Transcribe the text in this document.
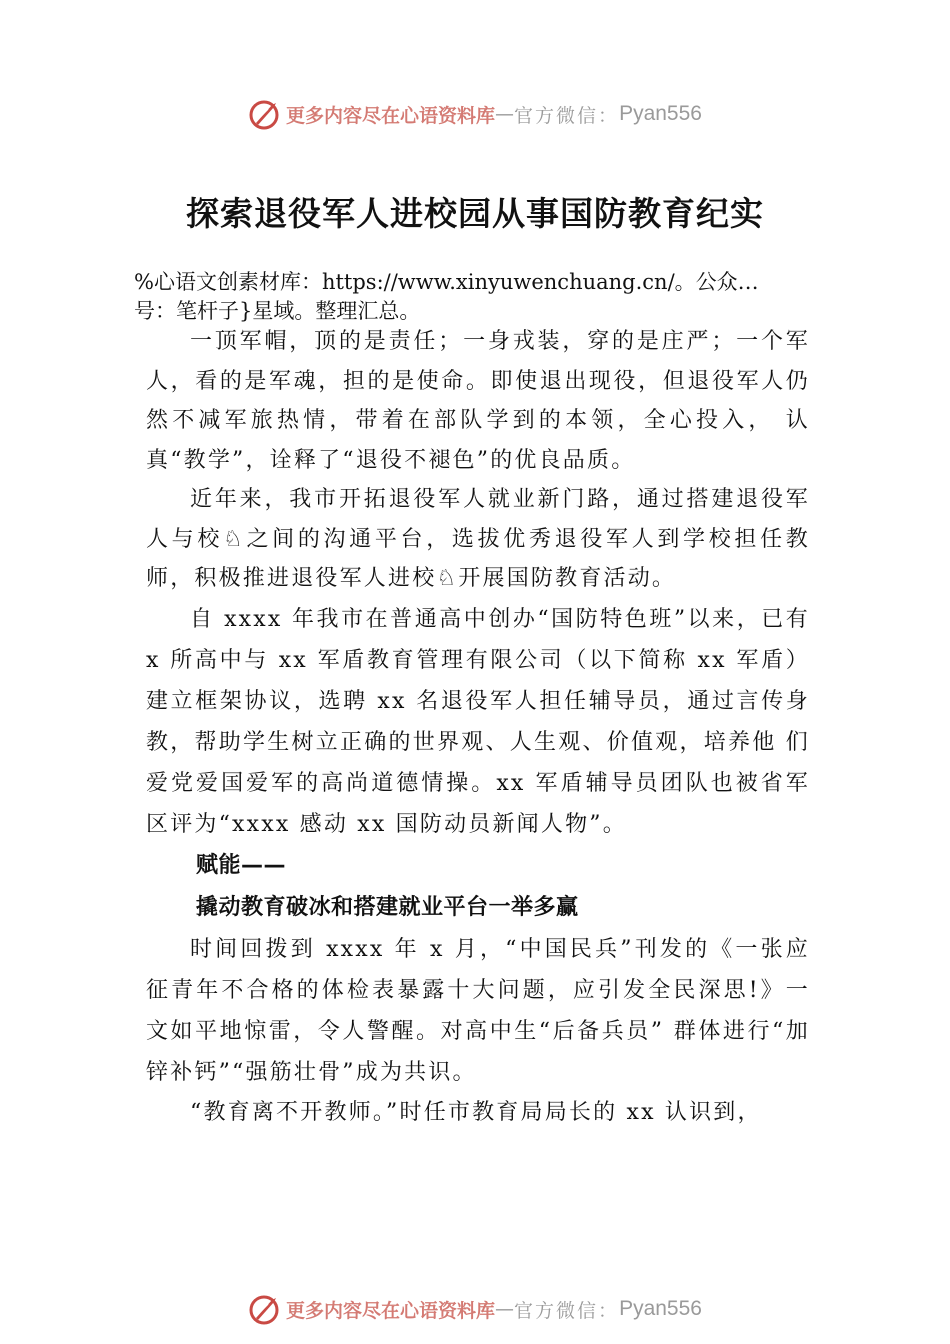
更多内容尽在心语资料库 — 官方微信： Pyan556
探索退役军人进校园从事国防教育纪实
%心语文创素材库：https://www.xinyuwenchuang.cn/。公众…
号：笔杆子}星域。整理汇总。

一顶军帽，顶的是责任；一身戎装，穿的是庄严；一个军人，看的是军魂，担的是使命。即使退出现役，但退役军人仍然不减军旅热情，带着在部队学到的本领，全心投入， 认真“教学”，诠释了“退役不褪色”的优良品质。

近年来，我市开拓退役军人就业新门路，通过搭建退役军人与校♘之间的沟通平台，选拔优秀退役军人到学校担任教师，积极推进退役军人进校♘开展国防教育活动。

自 xxxx 年我市在普通高中创办“国防特色班”以来，已有 x 所高中与 xx 军盾教育管理有限公司（以下简称 xx 军盾） 建立框架协议，选聘 xx 名退役军人担任辅导员，通过言传身教，帮助学生树立正确的世界观、人生观、价值观，培养他 们爱党爱国爱军的高尚道德情操。xx 军盾辅导员团队也被省军区评为“xxxx 感动 xx 国防动员新闻人物”。

赋能——
撬动教育破冰和搭建就业平台一举多赢

时间回拨到 xxxx 年 x 月，“中国民兵”刊发的《一张应征青年不合格的体检表暴露十大问题，应引发全民深思!》一文如平地惊雷，令人警醒。对高中生“后备兵员” 群体进行“加锌补钙”“强筋壮骨”成为共识。

“教育离不开教师。”时任市教育局局长的 xx 认识到，

更多内容尽在心语资料库 — 官方微信： Pyan556
